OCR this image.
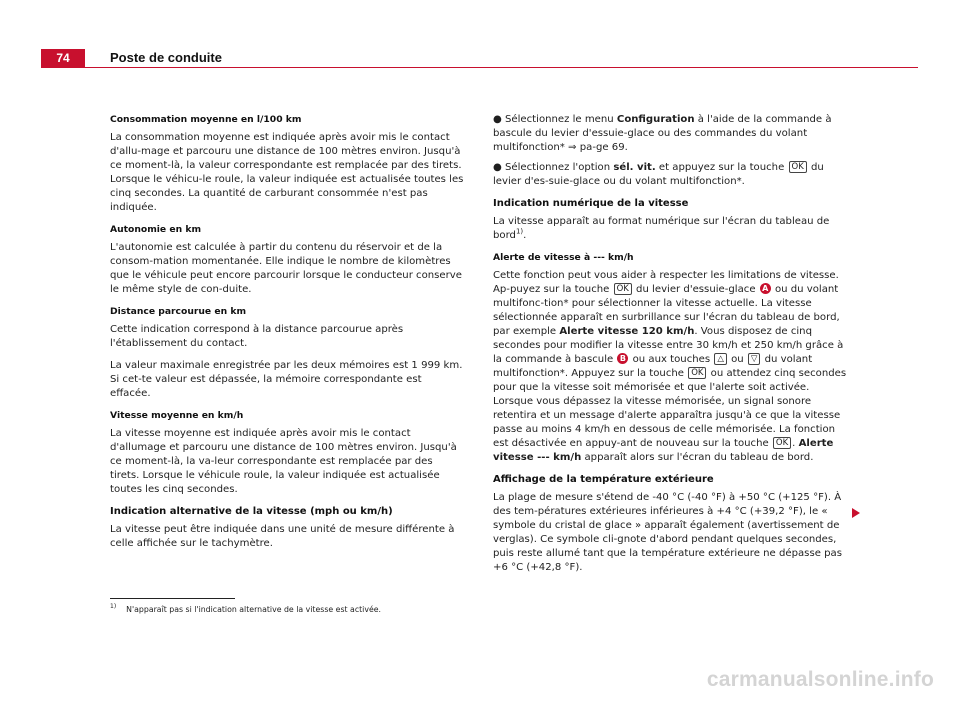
74	Poste de conduite
Consommation moyenne en l/100 km
La consommation moyenne est indiquée après avoir mis le contact d'allu-mage et parcouru une distance de 100 mètres environ. Jusqu'à ce moment-là, la valeur correspondante est remplacée par des tirets. Lorsque le véhicu-le roule, la valeur indiquée est actualisée toutes les cinq secondes. La quantité de carburant consommée n'est pas indiquée.
Autonomie en km
L'autonomie est calculée à partir du contenu du réservoir et de la consom-mation momentanée. Elle indique le nombre de kilomètres que le véhicule peut encore parcourir lorsque le conducteur conserve le même style de con-duite.
Distance parcourue en km
Cette indication correspond à la distance parcourue après l'établissement du contact.
La valeur maximale enregistrée par les deux mémoires est 1 999 km. Si cet-te valeur est dépassée, la mémoire correspondante est effacée.
Vitesse moyenne en km/h
La vitesse moyenne est indiquée après avoir mis le contact d'allumage et parcouru une distance de 100 mètres environ. Jusqu'à ce moment-là, la va-leur correspondante est remplacée par des tirets. Lorsque le véhicule roule, la valeur indiquée est actualisée toutes les cinq secondes.
Indication alternative de la vitesse (mph ou km/h)
La vitesse peut être indiquée dans une unité de mesure différente à celle affichée sur le tachymètre.
● Sélectionnez le menu Configuration à l'aide de la commande à bascule du levier d'essuie-glace ou des commandes du volant multifonction* ⇒ pa-ge 69.
● Sélectionnez l'option sél. vit. et appuyez sur la touche OK du levier d'es-suie-glace ou du volant multifonction*.
Indication numérique de la vitesse
La vitesse apparaît au format numérique sur l'écran du tableau de bord$^{1)}$.
Alerte de vitesse à --- km/h
Cette fonction peut vous aider à respecter les limitations de vitesse. Ap-puyez sur la touche OK du levier d'essuie-glace A ou du volant multifonc-tion* pour sélectionner la vitesse actuelle. La vitesse sélectionnée apparaît en surbrillance sur l'écran du tableau de bord, par exemple Alerte vitesse 120 km/h. Vous disposez de cinq secondes pour modifier la vitesse entre 30 km/h et 250 km/h grâce à la commande à bascule B ou aux touches △ ou ▽ du volant multifonction*. Appuyez sur la touche OK ou attendez cinq secondes pour que la vitesse soit mémorisée et que l'alerte soit activée. Lorsque vous dépassez la vitesse mémorisée, un signal sonore retentira et un message d'alerte apparaîtra jusqu'à ce que la vitesse passe au moins 4 km/h en dessous de celle mémorisée. La fonction est désactivée en appuy-ant de nouveau sur la touche OK . Alerte vitesse --- km/h apparaît alors sur l'écran du tableau de bord.
Affichage de la température extérieure
La plage de mesure s'étend de -40 °C (-40 °F) à +50 °C (+125 °F). À des tem-pératures extérieures inférieures à +4 °C (+39,2 °F), le « symbole du cristal de glace » apparaît également (avertissement de verglas). Ce symbole cli-gnote d'abord pendant quelques secondes, puis reste allumé tant que la température extérieure ne dépasse pas +6 °C (+42,8 °F).
$^{1)}$ N'apparaît pas si l'indication alternative de la vitesse est activée.
carmanualsonline.info
